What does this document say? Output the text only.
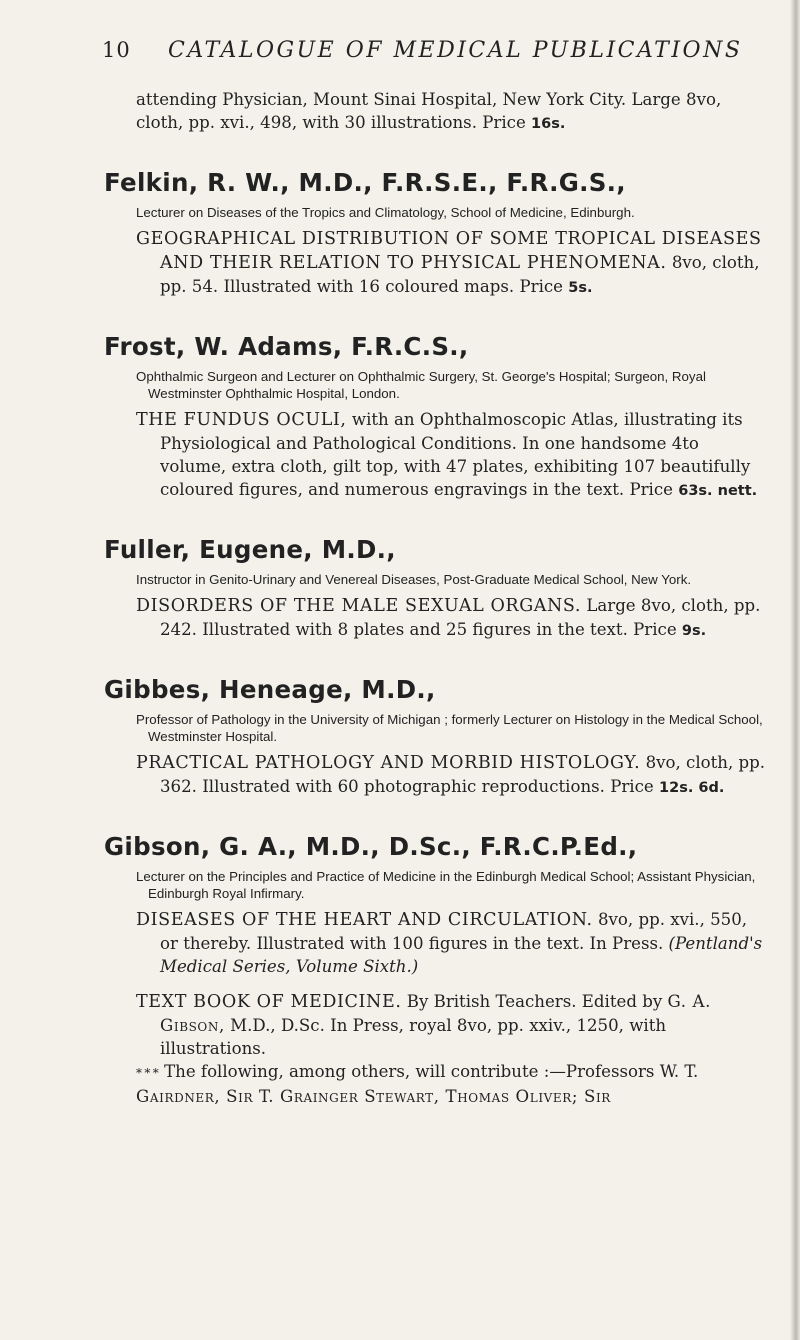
10 CATALOGUE OF MEDICAL PUBLICATIONS

attending Physician, Mount Sinai Hospital, New York City. Large 8vo, cloth, pp. xvi., 498, with 30 illustrations. Price 16s.

Felkin, R. W., M.D., F.R.S.E., F.R.G.S.,
Lecturer on Diseases of the Tropics and Climatology, School of Medicine, Edinburgh.
GEOGRAPHICAL DISTRIBUTION OF SOME TROPICAL DISEASES AND THEIR RELATION TO PHYSICAL PHENOMENA. 8vo, cloth, pp. 54. Illustrated with 16 coloured maps. Price 5s.
Frost, W. Adams, F.R.C.S.,
Ophthalmic Surgeon and Lecturer on Ophthalmic Surgery, St. George's Hospital; Surgeon, Royal Westminster Ophthalmic Hospital, London.
THE FUNDUS OCULI, with an Ophthalmoscopic Atlas, illustrating its Physiological and Pathological Conditions. In one handsome 4to volume, extra cloth, gilt top, with 47 plates, exhibiting 107 beautifully coloured figures, and numerous engravings in the text. Price 63s. nett.
Fuller, Eugene, M.D.,
Instructor in Genito-Urinary and Venereal Diseases, Post-Graduate Medical School, New York.
DISORDERS OF THE MALE SEXUAL ORGANS. Large 8vo, cloth, pp. 242. Illustrated with 8 plates and 25 figures in the text. Price 9s.
Gibbes, Heneage, M.D.,
Professor of Pathology in the University of Michigan ; formerly Lecturer on Histology in the Medical School, Westminster Hospital.
PRACTICAL PATHOLOGY AND MORBID HISTOLOGY. 8vo, cloth, pp. 362. Illustrated with 60 photographic reproductions. Price 12s. 6d.
Gibson, G. A., M.D., D.Sc., F.R.C.P.Ed.,
Lecturer on the Principles and Practice of Medicine in the Edinburgh Medical School; Assistant Physician, Edinburgh Royal Infirmary.
DISEASES OF THE HEART AND CIRCULATION. 8vo, pp. xvi., 550, or thereby. Illustrated with 100 figures in the text. In Press. (Pentland's Medical Series, Volume Sixth.)
TEXT BOOK OF MEDICINE. By British Teachers. Edited by G. A. Gibson, M.D., D.Sc. In Press, royal 8vo, pp. xxiv., 1250, with illustrations.

* * * The following, among others, will contribute :—Professors W. T. Gairdner, Sir T. Grainger Stewart, Thomas Oliver; Sir
